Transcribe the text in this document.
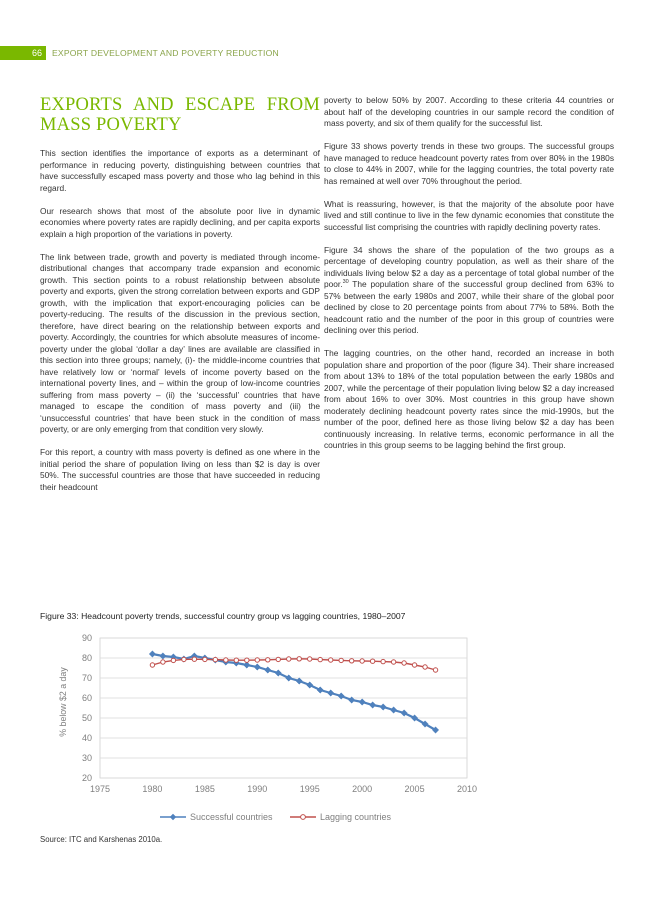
66	EXPORT DEVELOPMENT AND POVERTY REDUCTION
EXPORTS AND ESCAPE FROM MASS POVERTY

This section identifies the importance of exports as a determinant of performance in reducing poverty, distinguishing between countries that have successfully escaped mass poverty and those who lag behind in this regard.

Our research shows that most of the absolute poor live in dynamic economies where poverty rates are rapidly declining, and per capita exports explain a high proportion of the variations in poverty.

The link between trade, growth and poverty is mediated through income-distributional changes that accompany trade expansion and economic growth. This section points to a robust relationship between absolute poverty and exports, given the strong correlation between exports and GDP growth, with the implication that export-encouraging policies can be poverty-reducing. The results of the discussion in the previous section, therefore, have direct bearing on the relationship between exports and poverty. Accordingly, the countries for which absolute measures of income-poverty under the global ‘dollar a day’ lines are available are classified in this section into three groups; namely, (i)- the middle-income countries that have relatively low or ‘normal’ levels of income poverty based on the international poverty lines, and – within the group of low-income countries suffering from mass poverty – (ii) the ‘successful’ countries that have managed to escape the condition of mass poverty and (iii) the ‘unsuccessful countries’ that have been stuck in the condition of mass poverty, or are only emerging from that condition very slowly.

For this report, a country with mass poverty is defined as one where in the initial period the share of population living on less than $2 is day is over 50%. The successful countries are those that have succeeded in reducing their headcount

poverty to below 50% by 2007. According to these criteria 44 countries or about half of the developing countries in our sample record the condition of mass poverty, and six of them qualify for the successful list.

Figure 33 shows poverty trends in these two groups. The successful groups have managed to reduce headcount poverty rates from over 80% in the 1980s to close to 44% in 2007, while for the lagging countries, the total poverty rate has remained at well over 70% throughout the period.

What is reassuring, however, is that the majority of the absolute poor have lived and still continue to live in the few dynamic economies that constitute the successful list comprising the countries with rapidly declining poverty rates.

Figure 34 shows the share of the population of the two groups as a percentage of developing country population, as well as their share of the individuals living below $2 a day as a percentage of total global number of the poor.$^{30}$ The population share of the successful group declined from 63% to 57% between the early 1980s and 2007, while their share of the global poor declined by close to 20 percentage points from about 77% to 58%. Both the headcount ratio and the number of the poor in this group of countries were declining over this period.

The lagging countries, on the other hand, recorded an increase in both population share and proportion of the poor (figure 34). Their share increased from about 13% to 18% of the total population between the early 1980s and 2007, while the percentage of their population living below $2 a day increased from about 16% to over 30%. Most countries in this group have shown moderately declining headcount poverty rates since the mid-1990s, but the number of the poor, defined here as those living below $2 a day has been continuously increasing. In relative terms, economic performance in all the countries in this group seems to be lagging behind the first group.

Figure 33: Headcount poverty trends, successful country group vs lagging countries, 1980–2007
% below $2 a day
20
30
40
50
60
70
80
90
1975	1980	1985	1990	1995	2000	2005	2010
Successful countries	Lagging countries
Source: ITC and Karshenas 2010a.
